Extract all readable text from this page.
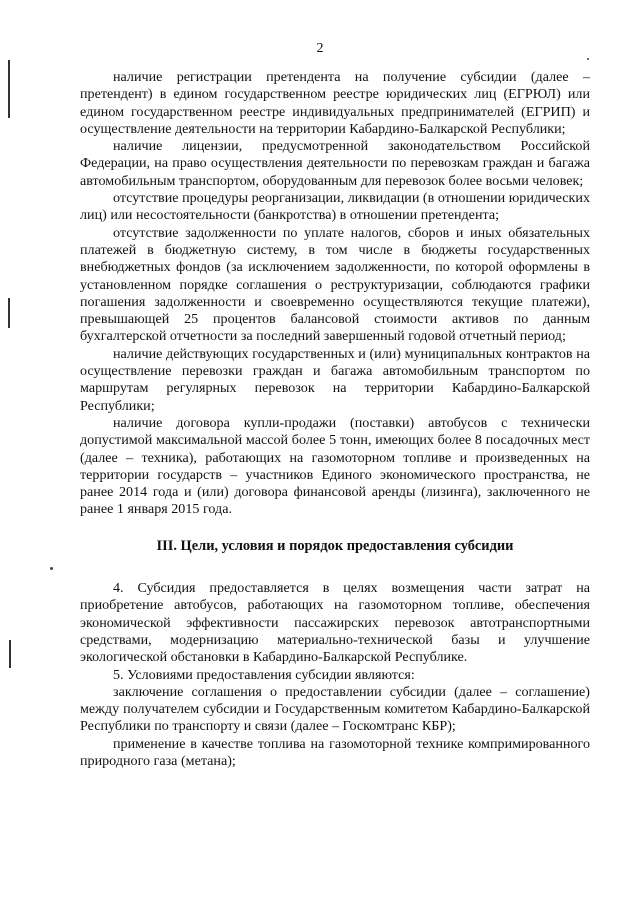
2

наличие регистрации претендента на получение субсидии (далее – претендент) в едином государственном реестре юридических лиц (ЕГРЮЛ) или едином государственном реестре индивидуальных предпринимателей (ЕГРИП) и осуществление деятельности на территории Кабардино-Балкарской Республики;

наличие лицензии, предусмотренной законодательством Российской Федерации, на право осуществления деятельности по перевозкам граждан и багажа автомобильным транспортом, оборудованным для перевозок более восьми человек;

отсутствие процедуры реорганизации, ликвидации (в отношении юридических лиц) или несостоятельности (банкротства) в отношении претендента;

отсутствие задолженности по уплате налогов, сборов и иных обязательных платежей в бюджетную систему, в том числе в бюджеты государственных внебюджетных фондов (за исключением задолженности, по которой оформлены в установленном порядке соглашения о реструктуризации, соблюдаются графики погашения задолженности и своевременно осуществляются текущие платежи), превышающей 25 процентов балансовой стоимости активов по данным бухгалтерской отчетности за последний завершенный годовой отчетный период;

наличие действующих государственных и (или) муниципальных контрактов на осуществление перевозки граждан и багажа автомобильным транспортом по маршрутам регулярных перевозок на территории Кабардино-Балкарской Республики;

наличие договора купли-продажи (поставки) автобусов с технически допустимой максимальной массой более 5 тонн, имеющих более 8 посадочных мест (далее – техника), работающих на газомоторном топливе и произведенных на территории государств – участников Единого экономического пространства, не ранее 2014 года и (или) договора финансовой аренды (лизинга), заключенного не ранее 1 января 2015 года.

III. Цели, условия и порядок предоставления субсидии

4. Субсидия предоставляется в целях возмещения части затрат на приобретение автобусов, работающих на газомоторном топливе, обеспечения экономической эффективности пассажирских перевозок автотранспортными средствами, модернизацию материально-технической базы и улучшение экологической обстановки в Кабардино-Балкарской Республике.

5. Условиями предоставления субсидии являются:

заключение соглашения о предоставлении субсидии (далее – соглашение) между получателем субсидии и Государственным комитетом Кабардино-Балкарской Республики по транспорту и связи (далее – Госкомтранс КБР);

применение в качестве топлива на газомоторной технике компримированного природного газа (метана);
